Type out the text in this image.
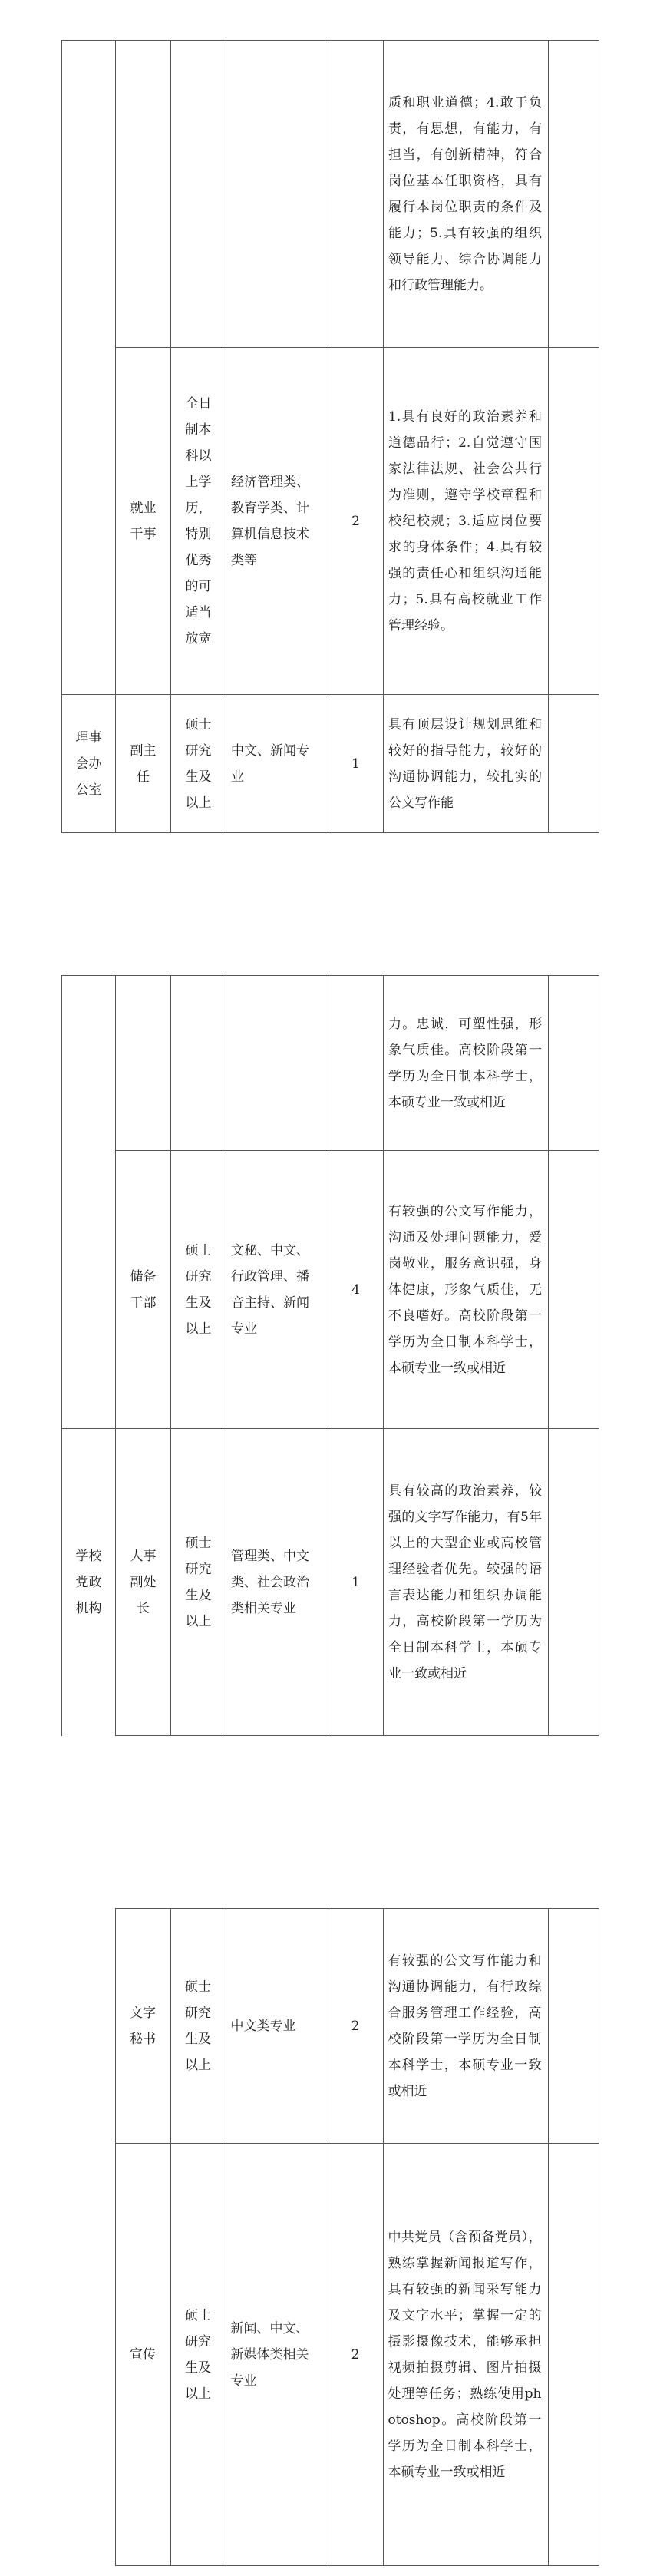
					质和职业道德；4.敢于负责，有思想，有能力，有担当，有创新精神，符合岗位基本任职资格，具有履行本岗位职责的条件及能力；5.具有较强的组织领导能力、综合协调能力和行政管理能力。	
	就业干事	全日制本科以上学历，特别优秀的可适当放宽	经济管理类、教育学类、计算机信息技术类等	2	1.具有良好的政治素养和道德品行；2.自觉遵守国家法律法规、社会公共行为准则，遵守学校章程和校纪校规；3.适应岗位要求的身体条件；4.具有较强的责任心和组织沟通能力；5.具有高校就业工作管理经验。	
理事会办公室	副主任	硕士研究生及以上	中文、新闻专业	1	具有顶层设计规划思维和较好的指导能力，较好的沟通协调能力，较扎实的公文写作能	
					力。忠诚，可塑性强，形象气质佳。高校阶段第一学历为全日制本科学士，本硕专业一致或相近	
	储备干部	硕士研究生及以上	文秘、中文、行政管理、播音主持、新闻专业	4	有较强的公文写作能力，沟通及处理问题能力，爱岗敬业，服务意识强，身体健康，形象气质佳，无不良嗜好。高校阶段第一学历为全日制本科学士，本硕专业一致或相近	
学校党政机构	人事副处长	硕士研究生及以上	管理类、中文类、社会政治类相关专业	1	具有较高的政治素养，较强的文字写作能力，有5年以上的大型企业或高校管理经验者优先。较强的语言表达能力和组织协调能力，高校阶段第一学历为全日制本科学士，本硕专业一致或相近	
	文字秘书	硕士研究生及以上	中文类专业	2	有较强的公文写作能力和沟通协调能力，有行政综合服务管理工作经验，高校阶段第一学历为全日制本科学士，本硕专业一致或相近	
	宣传	硕士研究生及以上	新闻、中文、新媒体类相关专业	2	中共党员（含预备党员），熟练掌握新闻报道写作，具有较强的新闻采写能力及文字水平；掌握一定的摄影摄像技术，能够承担视频拍摄剪辑、图片拍摄处理等任务；熟练使用photoshop。高校阶段第一学历为全日制本科学士，本硕专业一致或相近	
